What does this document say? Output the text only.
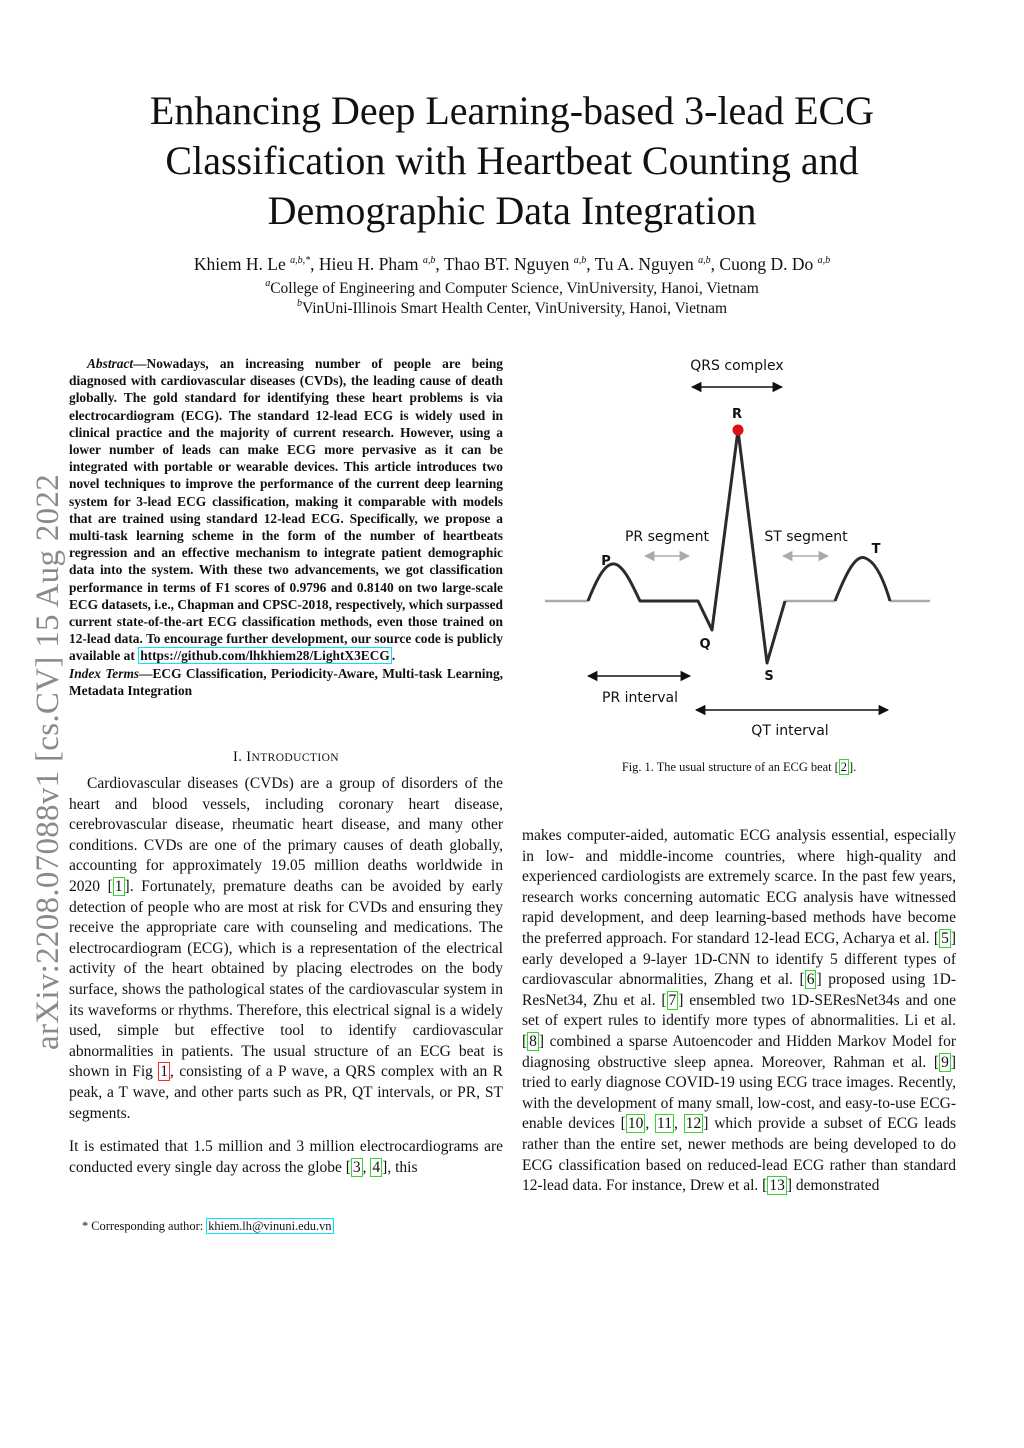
arXiv:2208.07088v1 [cs.CV] 15 Aug 2022
Enhancing Deep Learning-based 3-lead ECG Classification with Heartbeat Counting and Demographic Data Integration
Khiem H. Le $^{a,b,*}$, Hieu H. Pham $^{a,b}$, Thao BT. Nguyen $^{a,b}$, Tu A. Nguyen $^{a,b}$, Cuong D. Do $^{a,b}$
$^a$College of Engineering and Computer Science, VinUniversity, Hanoi, Vietnam
$^b$VinUni-Illinois Smart Health Center, VinUniversity, Hanoi, Vietnam

Abstract—Nowadays, an increasing number of people are being diagnosed with cardiovascular diseases (CVDs), the leading cause of death globally. The gold standard for identifying these heart problems is via electrocardiogram (ECG). The standard 12-lead ECG is widely used in clinical practice and the majority of current research. However, using a lower number of leads can make ECG more pervasive as it can be integrated with portable or wearable devices. This article introduces two novel techniques to improve the performance of the current deep learning system for 3-lead ECG classification, making it comparable with models that are trained using standard 12-lead ECG. Specifically, we propose a multi-task learning scheme in the form of the number of heartbeats regression and an effective mechanism to integrate patient demographic data into the system. With these two advancements, we got classification performance in terms of F1 scores of 0.9796 and 0.8140 on two large-scale ECG datasets, i.e., Chapman and CPSC-2018, respectively, which surpassed current state-of-the-art ECG classification methods, even those trained on 12-lead data. To encourage further development, our source code is publicly available at https://github.com/lhkhiem28/LightX3ECG .

Index Terms—ECG Classification, Periodicity-Aware, Multi-task Learning, Metadata Integration

I. INTRODUCTION

Cardiovascular diseases (CVDs) are a group of disorders of the heart and blood vessels, including coronary heart disease, cerebrovascular disease, rheumatic heart disease, and many other conditions. CVDs are one of the primary causes of death globally, accounting for approximately 19.05 million deaths worldwide in 2020 [ 1 ]. Fortunately, premature deaths can be avoided by early detection of people who are most at risk for CVDs and ensuring they receive the appropriate care with counseling and medications. The electrocardiogram (ECG), which is a representation of the electrical activity of the heart obtained by placing electrodes on the body surface, shows the pathological states of the cardiovascular system in its waveforms or rhythms. Therefore, this electrical signal is a widely used, simple but effective tool to identify cardiovascular abnormalities in patients. The usual structure of an ECG beat is shown in Fig 1 , consisting of a P wave, a QRS complex with an R peak, a T wave, and other parts such as PR, QT intervals, or PR, ST segments.

It is estimated that 1.5 million and 3 million electrocardiograms are conducted every single day across the globe [ 3 , 4 ], this

* Corresponding author: khiem.lh@vinuni.edu.vn
QRS complex
R
PR segment	ST segment
P
T
Q
S
PR interval
QT interval
Fig. 1. The usual structure of an ECG beat [ 2 ].

makes computer-aided, automatic ECG analysis essential, especially in low- and middle-income countries, where high-quality and experienced cardiologists are extremely scarce. In the past few years, research works concerning automatic ECG analysis have witnessed rapid development, and deep learning-based methods have become the preferred approach. For standard 12-lead ECG, Acharya et al. [ 5 ] early developed a 9-layer 1D-CNN to identify 5 different types of cardiovascular abnormalities, Zhang et al. [ 6 ] proposed using 1D-ResNet34, Zhu et al. [ 7 ] ensembled two 1D-SEResNet34s and one set of expert rules to identify more types of abnormalities. Li et al. [ 8 ] combined a sparse Autoencoder and Hidden Markov Model for diagnosing obstructive sleep apnea. Moreover, Rahman et al. [ 9 ] tried to early diagnose COVID-19 using ECG trace images. Recently, with the development of many small, low-cost, and easy-to-use ECG-enable devices [ 10 , 11 , 12 ] which provide a subset of ECG leads rather than the entire set, newer methods are being developed to do ECG classification based on reduced-lead ECG rather than standard 12-lead data. For instance, Drew et al. [ 13 ] demonstrated
